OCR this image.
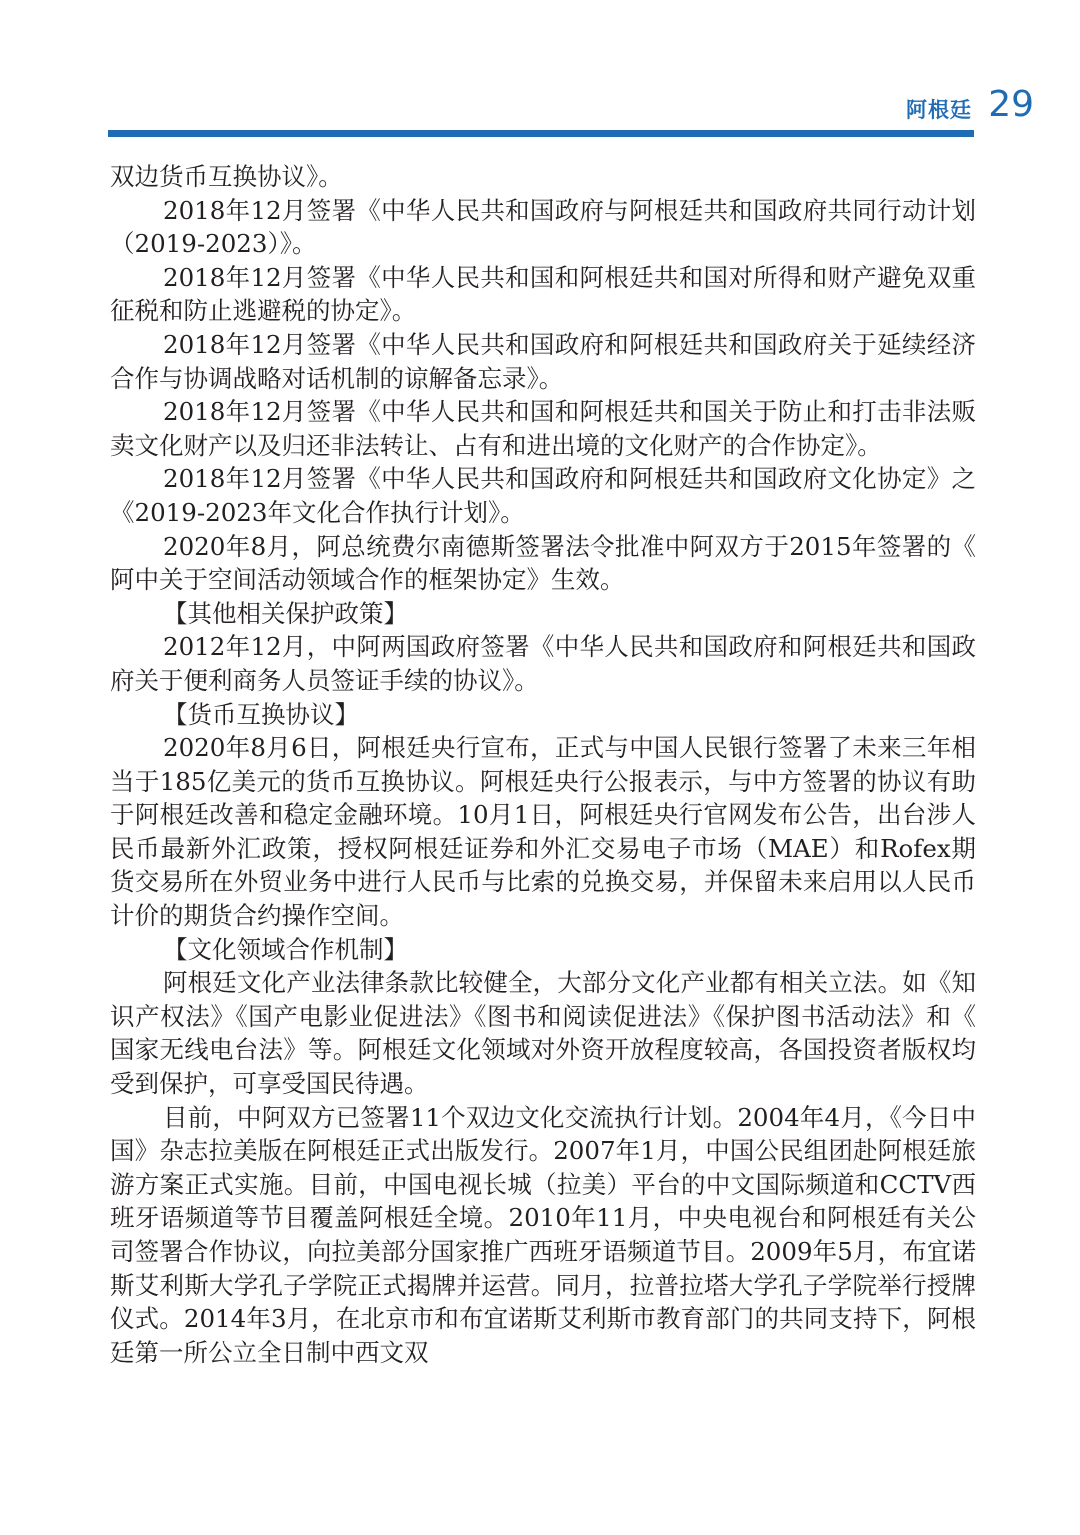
阿根廷 29

双边货币互换协议》。

2018年12月签署《中华人民共和国政府与阿根廷共和国政府共同行动计划（2019-2023）》。

2018年12月签署《中华人民共和国和阿根廷共和国对所得和财产避免双重征税和防止逃避税的协定》。

2018年12月签署《中华人民共和国政府和阿根廷共和国政府关于延续经济合作与协调战略对话机制的谅解备忘录》。

2018年12月签署《中华人民共和国和阿根廷共和国关于防止和打击非法贩卖文化财产以及归还非法转让、占有和进出境的文化财产的合作协定》。

2018年12月签署《中华人民共和国政府和阿根廷共和国政府文化协定》之《2019-2023年文化合作执行计划》。

2020年8月，阿总统费尔南德斯签署法令批准中阿双方于2015年签署的《阿中关于空间活动领域合作的框架协定》生效。

【其他相关保护政策】

2012年12月，中阿两国政府签署《中华人民共和国政府和阿根廷共和国政府关于便利商务人员签证手续的协议》。

【货币互换协议】

2020年8月6日，阿根廷央行宣布，正式与中国人民银行签署了未来三年相当于185亿美元的货币互换协议。阿根廷央行公报表示，与中方签署的协议有助于阿根廷改善和稳定金融环境。10月1日，阿根廷央行官网发布公告，出台涉人民币最新外汇政策，授权阿根廷证券和外汇交易电子市场（MAE）和Rofex期货交易所在外贸业务中进行人民币与比索的兑换交易，并保留未来启用以人民币计价的期货合约操作空间。

【文化领域合作机制】

阿根廷文化产业法律条款比较健全，大部分文化产业都有相关立法。如《知识产权法》《国产电影业促进法》《图书和阅读促进法》《保护图书活动法》和《国家无线电台法》等。阿根廷文化领域对外资开放程度较高，各国投资者版权均受到保护，可享受国民待遇。

目前，中阿双方已签署11个双边文化交流执行计划。2004年4月，《今日中国》杂志拉美版在阿根廷正式出版发行。2007年1月，中国公民组团赴阿根廷旅游方案正式实施。目前，中国电视长城（拉美）平台的中文国际频道和CCTV西班牙语频道等节目覆盖阿根廷全境。2010年11月，中央电视台和阿根廷有关公司签署合作协议，向拉美部分国家推广西班牙语频道节目。2009年5月，布宜诺斯艾利斯大学孔子学院正式揭牌并运营。同月，拉普拉塔大学孔子学院举行授牌仪式。2014年3月，在北京市和布宜诺斯艾利斯市教育部门的共同支持下，阿根廷第一所公立全日制中西文双
